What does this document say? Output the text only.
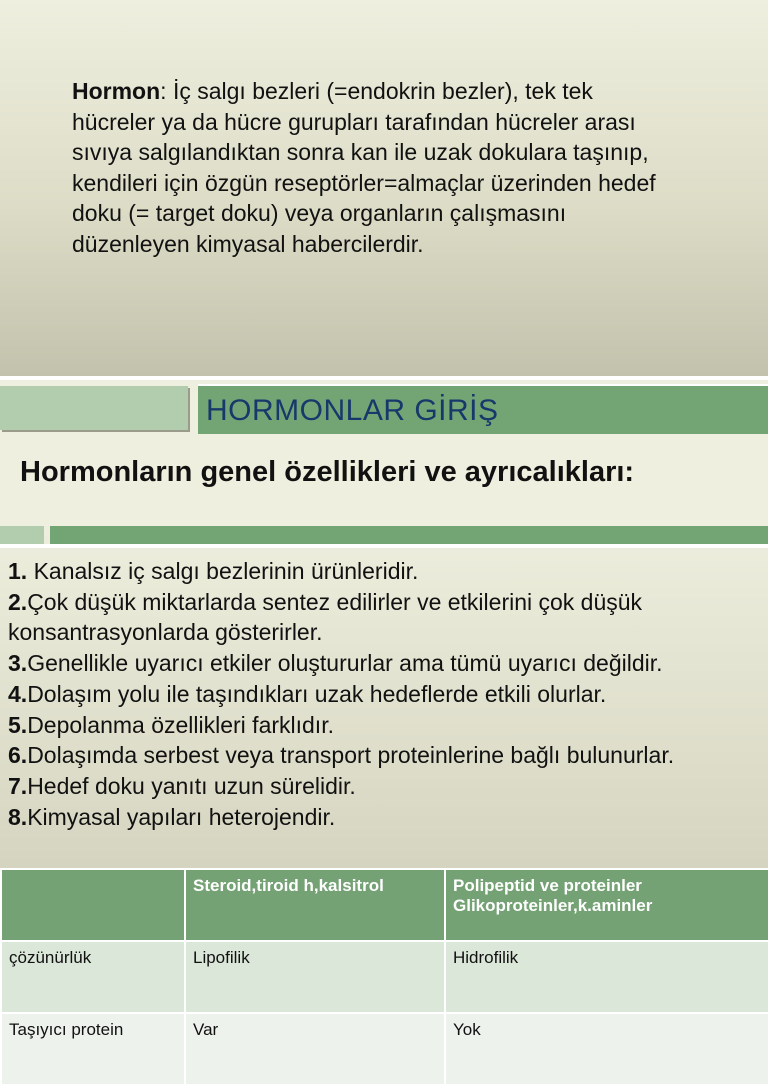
Hormon: İç salgı bezleri (=endokrin bezler), tek tek hücreler ya da hücre gurupları tarafından hücreler arası sıvıya salgılandıktan sonra kan ile uzak dokulara taşınıp, kendileri için özgün reseptörler=almaçlar üzerinden hedef doku (= target doku) veya organların çalışmasını düzenleyen kimyasal habercilerdir.

HORMONLAR GİRİŞ
Hormonların genel özellikleri ve ayrıcalıkları:
1. Kanalsız iç salgı bezlerinin ürünleridir.
2.Çok düşük miktarlarda sentez edilirler ve etkilerini çok düşük konsantrasyonlarda gösterirler.
3.Genellikle uyarıcı etkiler oluştururlar ama tümü uyarıcı değildir.
4.Dolaşım yolu ile taşındıkları uzak hedeflerde etkili olurlar.
5.Depolanma özellikleri farklıdır.
6.Dolaşımda serbest veya transport proteinlerine bağlı bulunurlar.
7.Hedef doku yanıtı uzun sürelidir.
8.Kimyasal yapıları heterojendir.
	Steroid,tiroid h,kalsitrol	Polipeptid ve proteinler Glikoproteinler,k.aminler
çözünürlük	Lipofilik	Hidrofilik
Taşıyıcı protein	Var	Yok
